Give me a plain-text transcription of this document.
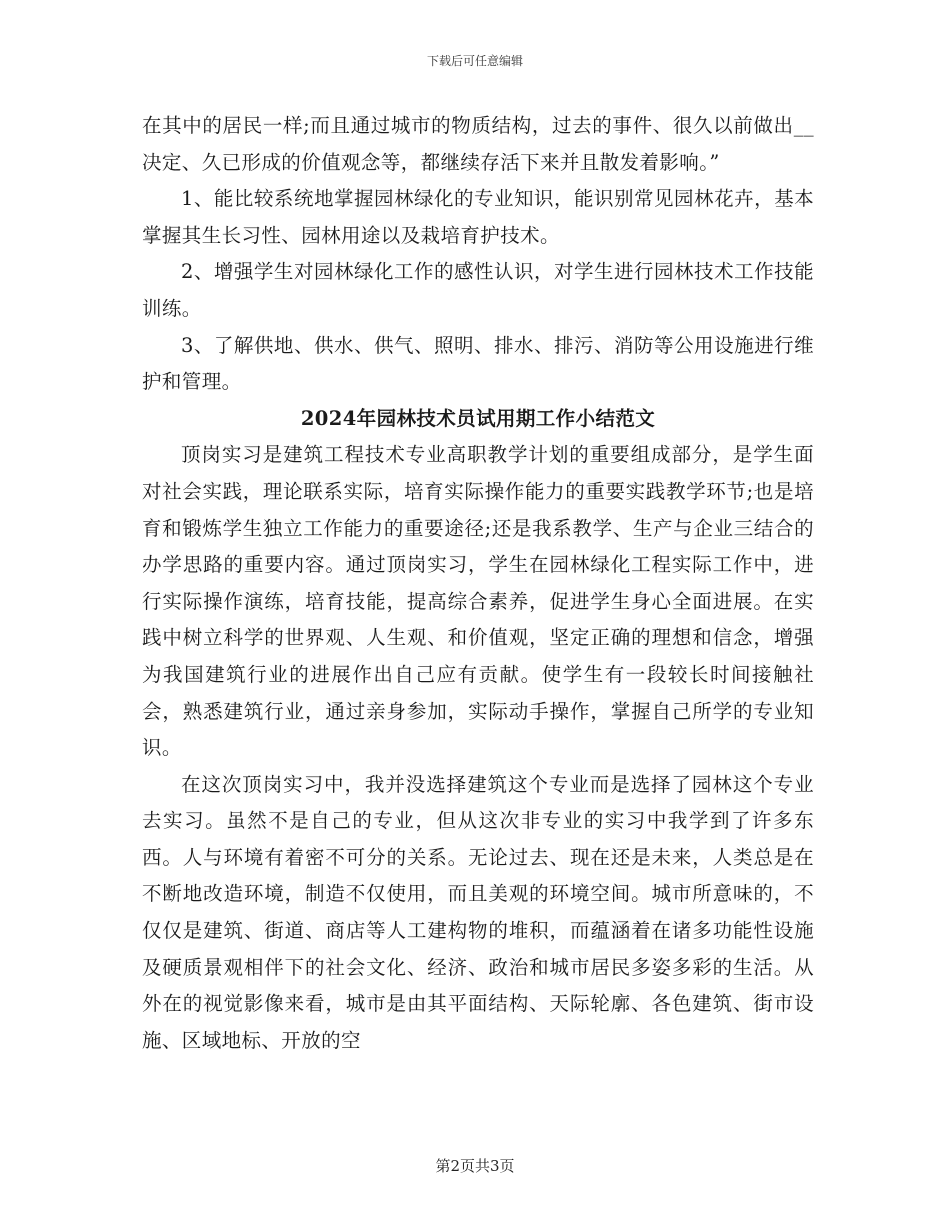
下载后可任意编辑

在其中的居民一样;而且通过城市的物质结构，过去的事件、很久以前做出__决定、久已形成的价值观念等，都继续存活下来并且散发着影响。”

1、能比较系统地掌握园林绿化的专业知识，能识别常见园林花卉，基本掌握其生长习性、园林用途以及栽培育护技术。

2、增强学生对园林绿化工作的感性认识，对学生进行园林技术工作技能训练。

3、了解供地、供水、供气、照明、排水、排污、消防等公用设施进行维护和管理。

2024年园林技术员试用期工作小结范文

顶岗实习是建筑工程技术专业高职教学计划的重要组成部分，是学生面对社会实践，理论联系实际，培育实际操作能力的重要实践教学环节;也是培育和锻炼学生独立工作能力的重要途径;还是我系教学、生产与企业三结合的办学思路的重要内容。通过顶岗实习，学生在园林绿化工程实际工作中，进行实际操作演练，培育技能，提高综合素养，促进学生身心全面进展。在实践中树立科学的世界观、人生观、和价值观，坚定正确的理想和信念，增强为我国建筑行业的进展作出自己应有贡献。使学生有一段较长时间接触社会，熟悉建筑行业，通过亲身参加，实际动手操作，掌握自己所学的专业知识。

在这次顶岗实习中，我并没选择建筑这个专业而是选择了园林这个专业去实习。虽然不是自己的专业，但从这次非专业的实习中我学到了许多东西。人与环境有着密不可分的关系。无论过去、现在还是未来，人类总是在不断地改造环境，制造不仅使用，而且美观的环境空间。城市所意味的，不仅仅是建筑、街道、商店等人工建构物的堆积，而蕴涵着在诸多功能性设施及硬质景观相伴下的社会文化、经济、政治和城市居民多姿多彩的生活。从外在的视觉影像来看，城市是由其平面结构、天际轮廓、各色建筑、街市设施、区域地标、开放的空

第2页共3页
